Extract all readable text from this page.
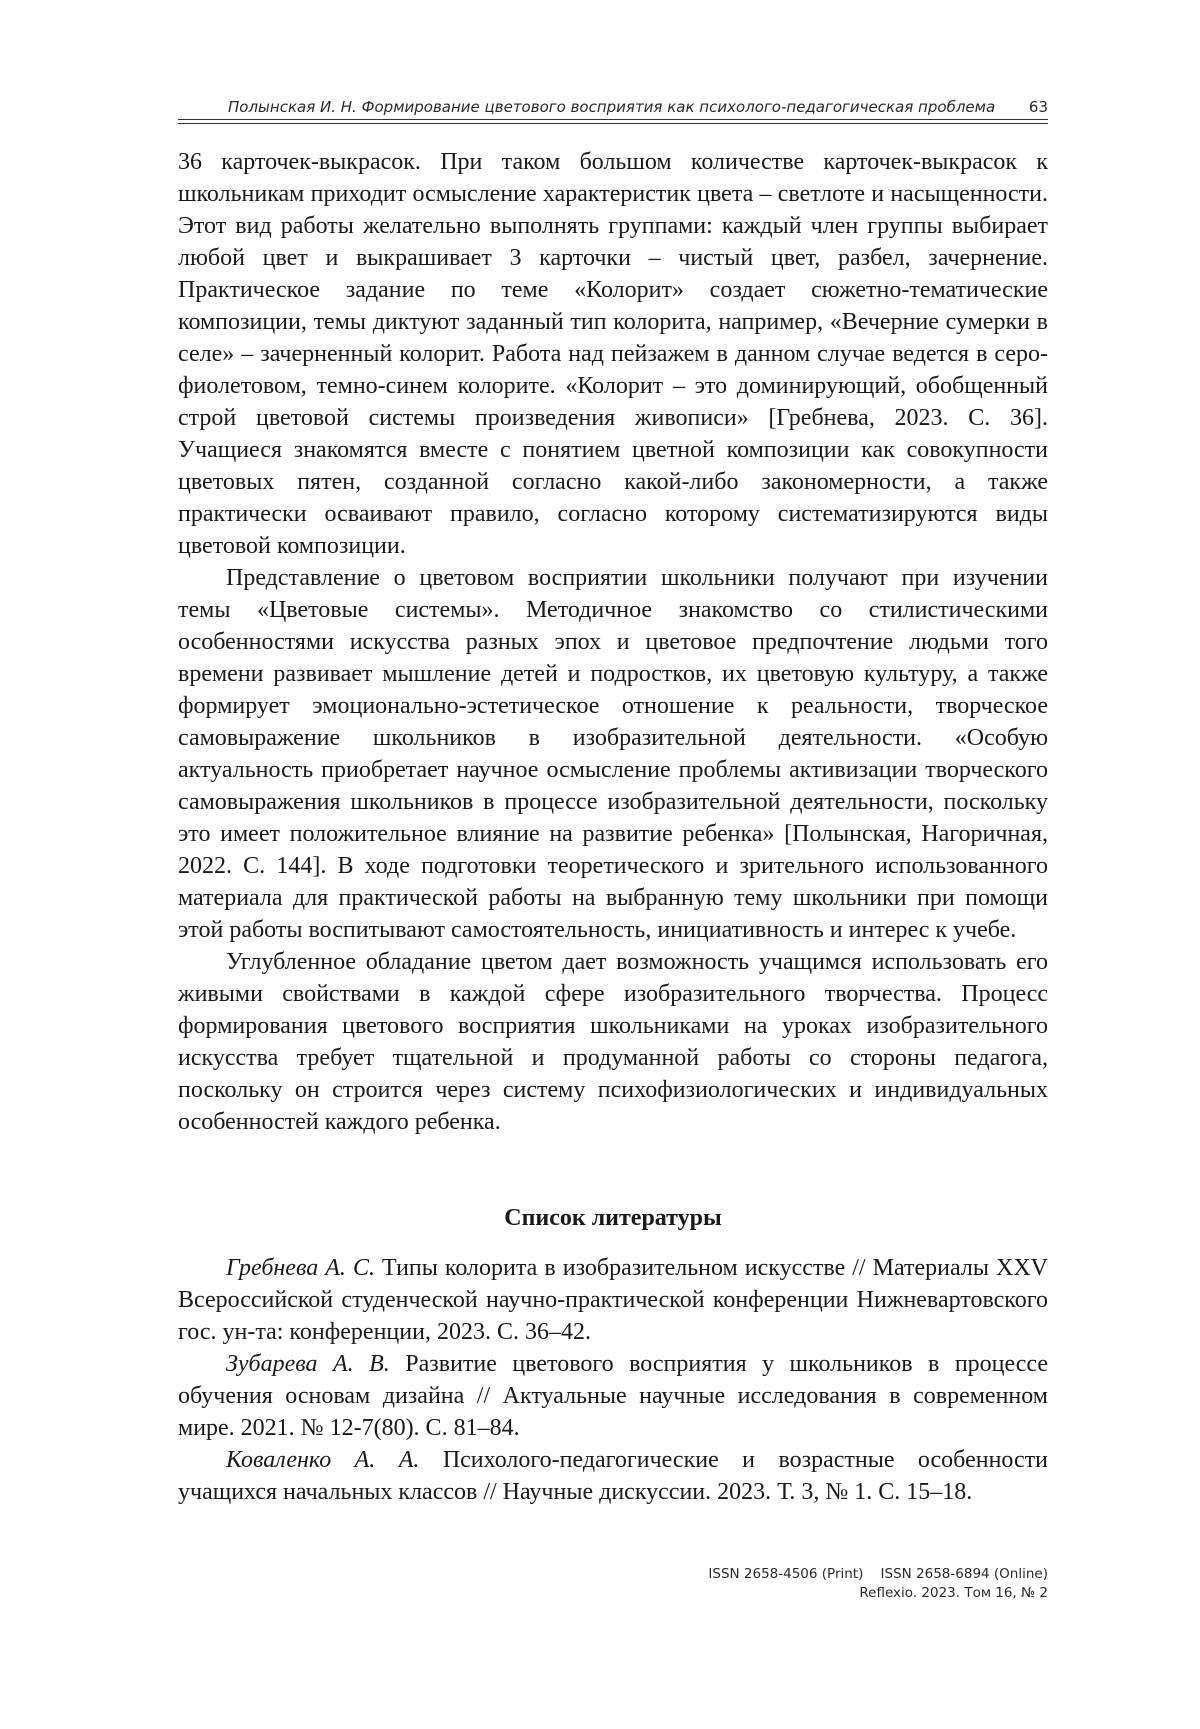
Полынская И. Н. Формирование цветового восприятия как психолого-педагогическая проблема 63

36 карточек-выкрасок. При таком большом количестве карточек-выкрасок к школьникам приходит осмысление характеристик цвета – светлоте и насыщенности. Этот вид работы желательно выполнять группами: каждый член группы выбирает любой цвет и выкрашивает 3 карточки – чистый цвет, разбел, зачернение. Практическое задание по теме «Колорит» создает сюжетно-тематические композиции, темы диктуют заданный тип колорита, например, «Вечерние сумерки в селе» – зачерненный колорит. Работа над пейзажем в данном случае ведется в серо-фиолетовом, темно-синем колорите. «Колорит – это доминирующий, обобщенный строй цветовой системы произведения живописи» [Гребнева, 2023. С. 36]. Учащиеся знакомятся вместе с понятием цветной композиции как совокупности цветовых пятен, созданной согласно какой-либо закономерности, а также практически осваивают правило, согласно которому систематизируются виды цветовой композиции.

Представление о цветовом восприятии школьники получают при изучении темы «Цветовые системы». Методичное знакомство со стилистическими особенностями искусства разных эпох и цветовое предпочтение людьми того времени развивает мышление детей и подростков, их цветовую культуру, а также формирует эмоционально-эстетическое отношение к реальности, творческое самовыражение школьников в изобразительной деятельности. «Особую актуальность приобретает научное осмысление проблемы активизации творческого самовыражения школьников в процессе изобразительной деятельности, поскольку это имеет положительное влияние на развитие ребенка» [Полынская, Нагоричная, 2022. С. 144]. В ходе подготовки теоретического и зрительного использованного материала для практической работы на выбранную тему школьники при помощи этой работы воспитывают самостоятельность, инициативность и интерес к учебе.

Углубленное обладание цветом дает возможность учащимся использовать его живыми свойствами в каждой сфере изобразительного творчества. Процесс формирования цветового восприятия школьниками на уроках изобразительного искусства требует тщательной и продуманной работы со стороны педагога, поскольку он строится через систему психофизиологических и индивидуальных особенностей каждого ребенка.

Список литературы

Гребнева А. С. Типы колорита в изобразительном искусстве // Материалы XXV Всероссийской студенческой научно-практической конференции Нижневартовского гос. ун-та: конференции, 2023. С. 36–42.

Зубарева А. В. Развитие цветового восприятия у школьников в процессе обучения основам дизайна // Актуальные научные исследования в современном мире. 2021. № 12-7(80). С. 81–84.

Коваленко А. А. Психолого-педагогические и возрастные особенности учащихся начальных классов // Научные дискуссии. 2023. Т. 3, № 1. С. 15–18.

ISSN 2658-4506 (Print)    ISSN 2658-6894 (Online)
Reflexio. 2023. Том 16, № 2
